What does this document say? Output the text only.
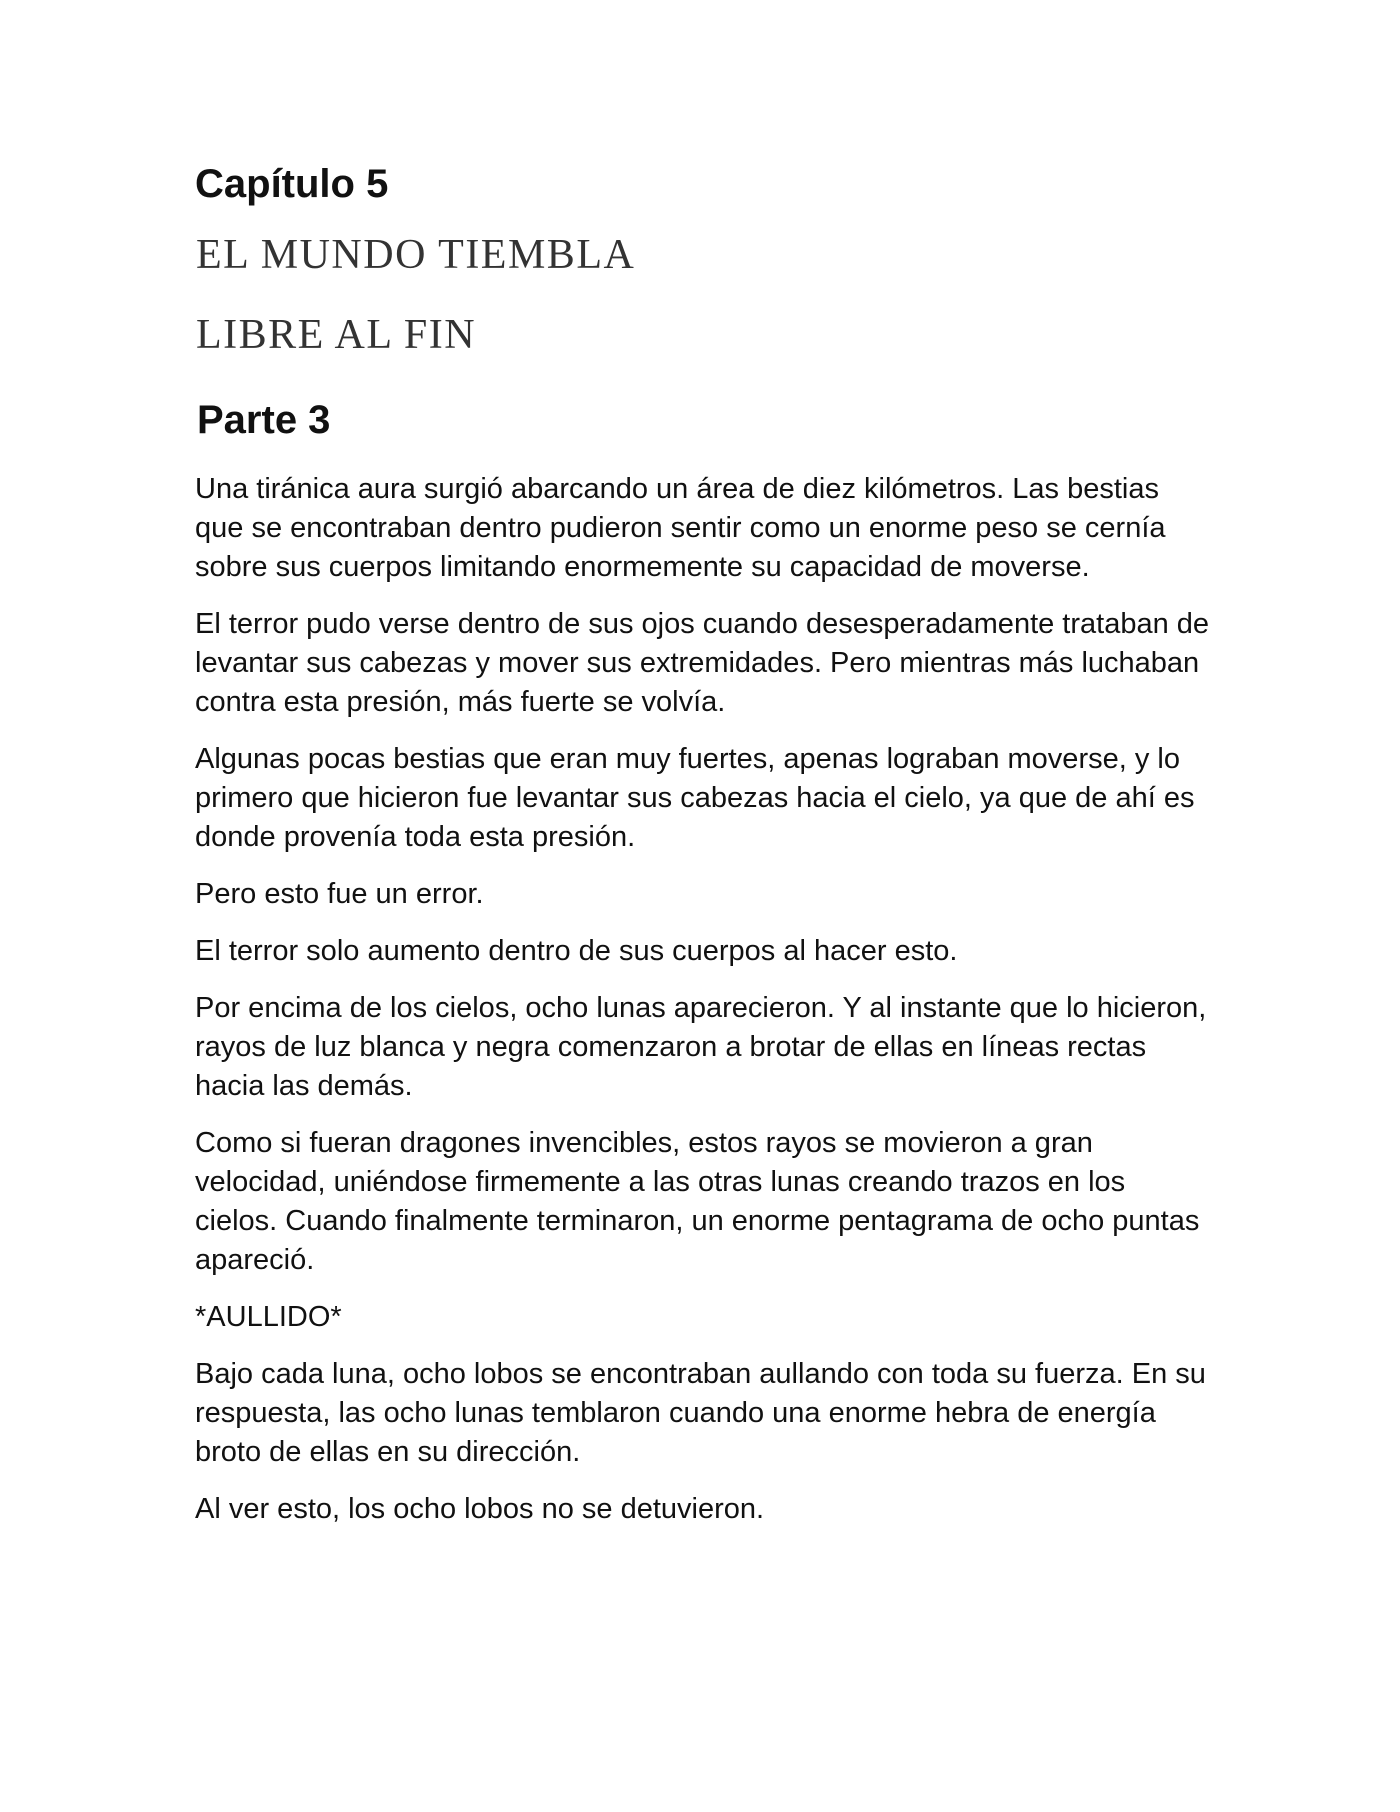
Capítulo 5
EL MUNDO TIEMBLA
LIBRE AL FIN
Parte 3

Una tiránica aura surgió abarcando un área de diez kilómetros. Las bestias que se encontraban dentro pudieron sentir como un enorme peso se cernía sobre sus cuerpos limitando enormemente su capacidad de moverse.

El terror pudo verse dentro de sus ojos cuando desesperadamente trataban de levantar sus cabezas y mover sus extremidades. Pero mientras más luchaban contra esta presión, más fuerte se volvía.

Algunas pocas bestias que eran muy fuertes, apenas lograban moverse, y lo primero que hicieron fue levantar sus cabezas hacia el cielo, ya que de ahí es donde provenía toda esta presión.

Pero esto fue un error.

El terror solo aumento dentro de sus cuerpos al hacer esto.

Por encima de los cielos, ocho lunas aparecieron. Y al instante que lo hicieron, rayos de luz blanca y negra comenzaron a brotar de ellas en líneas rectas hacia las demás.

Como si fueran dragones invencibles, estos rayos se movieron a gran velocidad, uniéndose firmemente a las otras lunas creando trazos en los cielos. Cuando finalmente terminaron, un enorme pentagrama de ocho puntas apareció.

*AULLIDO*

Bajo cada luna, ocho lobos se encontraban aullando con toda su fuerza. En su respuesta, las ocho lunas temblaron cuando una enorme hebra de energía broto de ellas en su dirección.

Al ver esto, los ocho lobos no se detuvieron.
